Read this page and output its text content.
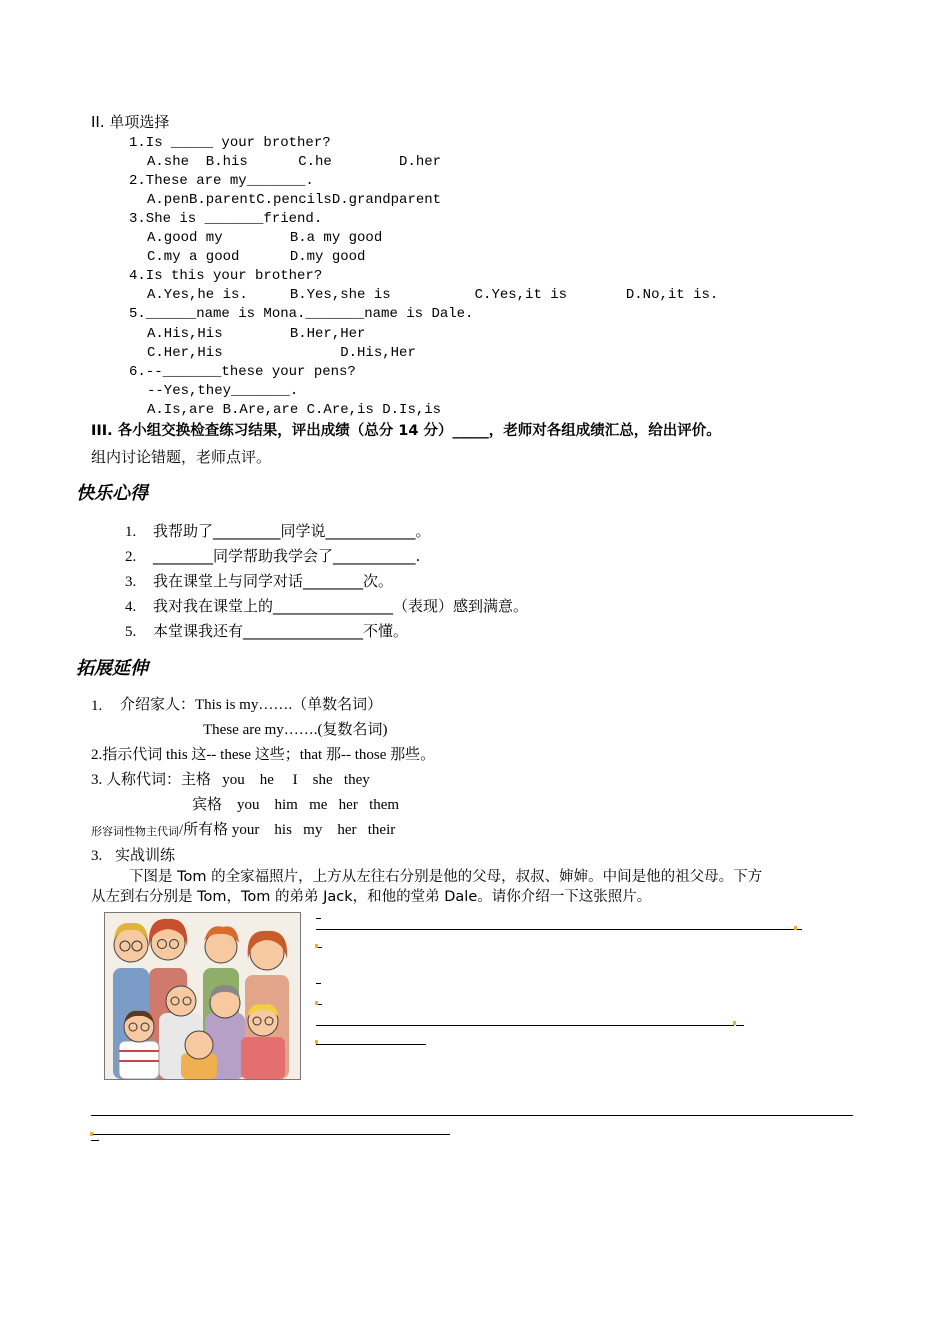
II. 单项选择
1.Is _____ your brother?
A.she  B.his      C.he        D.her
2.These are my_______.
A.penB.parentC.pencilsD.grandparent
3.She is _______friend.
A.good my        B.a my good
C.my a good      D.my good
4.Is this your brother?
A.Yes,he is.     B.Yes,she is          C.Yes,it is       D.No,it is.
5.______name is Mona._______name is Dale.
A.His,His        B.Her,Her
C.Her,His              D.His,Her
6.--_______these your pens?
--Yes,they_______.
A.Is,are B.Are,are C.Are,is D.Is,is
III. 各小组交换检查练习结果，评出成绩（总分 14 分）_____，老师对各组成绩汇总，给出评价。
组内讨论错题，老师点评。
快乐心得
1. 我帮助了_________同学说____________。
2. ________同学帮助我学会了___________.
3. 我在课堂上与同学对话________次。
4. 我对我在课堂上的________________（表现）感到满意。
5. 本堂课我还有________________不懂。
拓展延伸
1. 介绍家人：This is my…….（单数名词）
These are my…….(复数名词)
2.指示代词 this 这-- these 这些；that 那-- those 那些。
3. 人称代词：主格   you    he     I    she   they
宾格    you    him   me   her   them
形容词性物主代词 /所有格 your    his   my    her   their
3. 实战训练
下图是 Tom 的全家福照片，上方从左往右分别是他的父母，叔叔、婶婶。中间是他的祖父母。下方
从左到右分别是 Tom，Tom 的弟弟 Jack，和他的堂弟 Dale。请你介绍一下这张照片。
